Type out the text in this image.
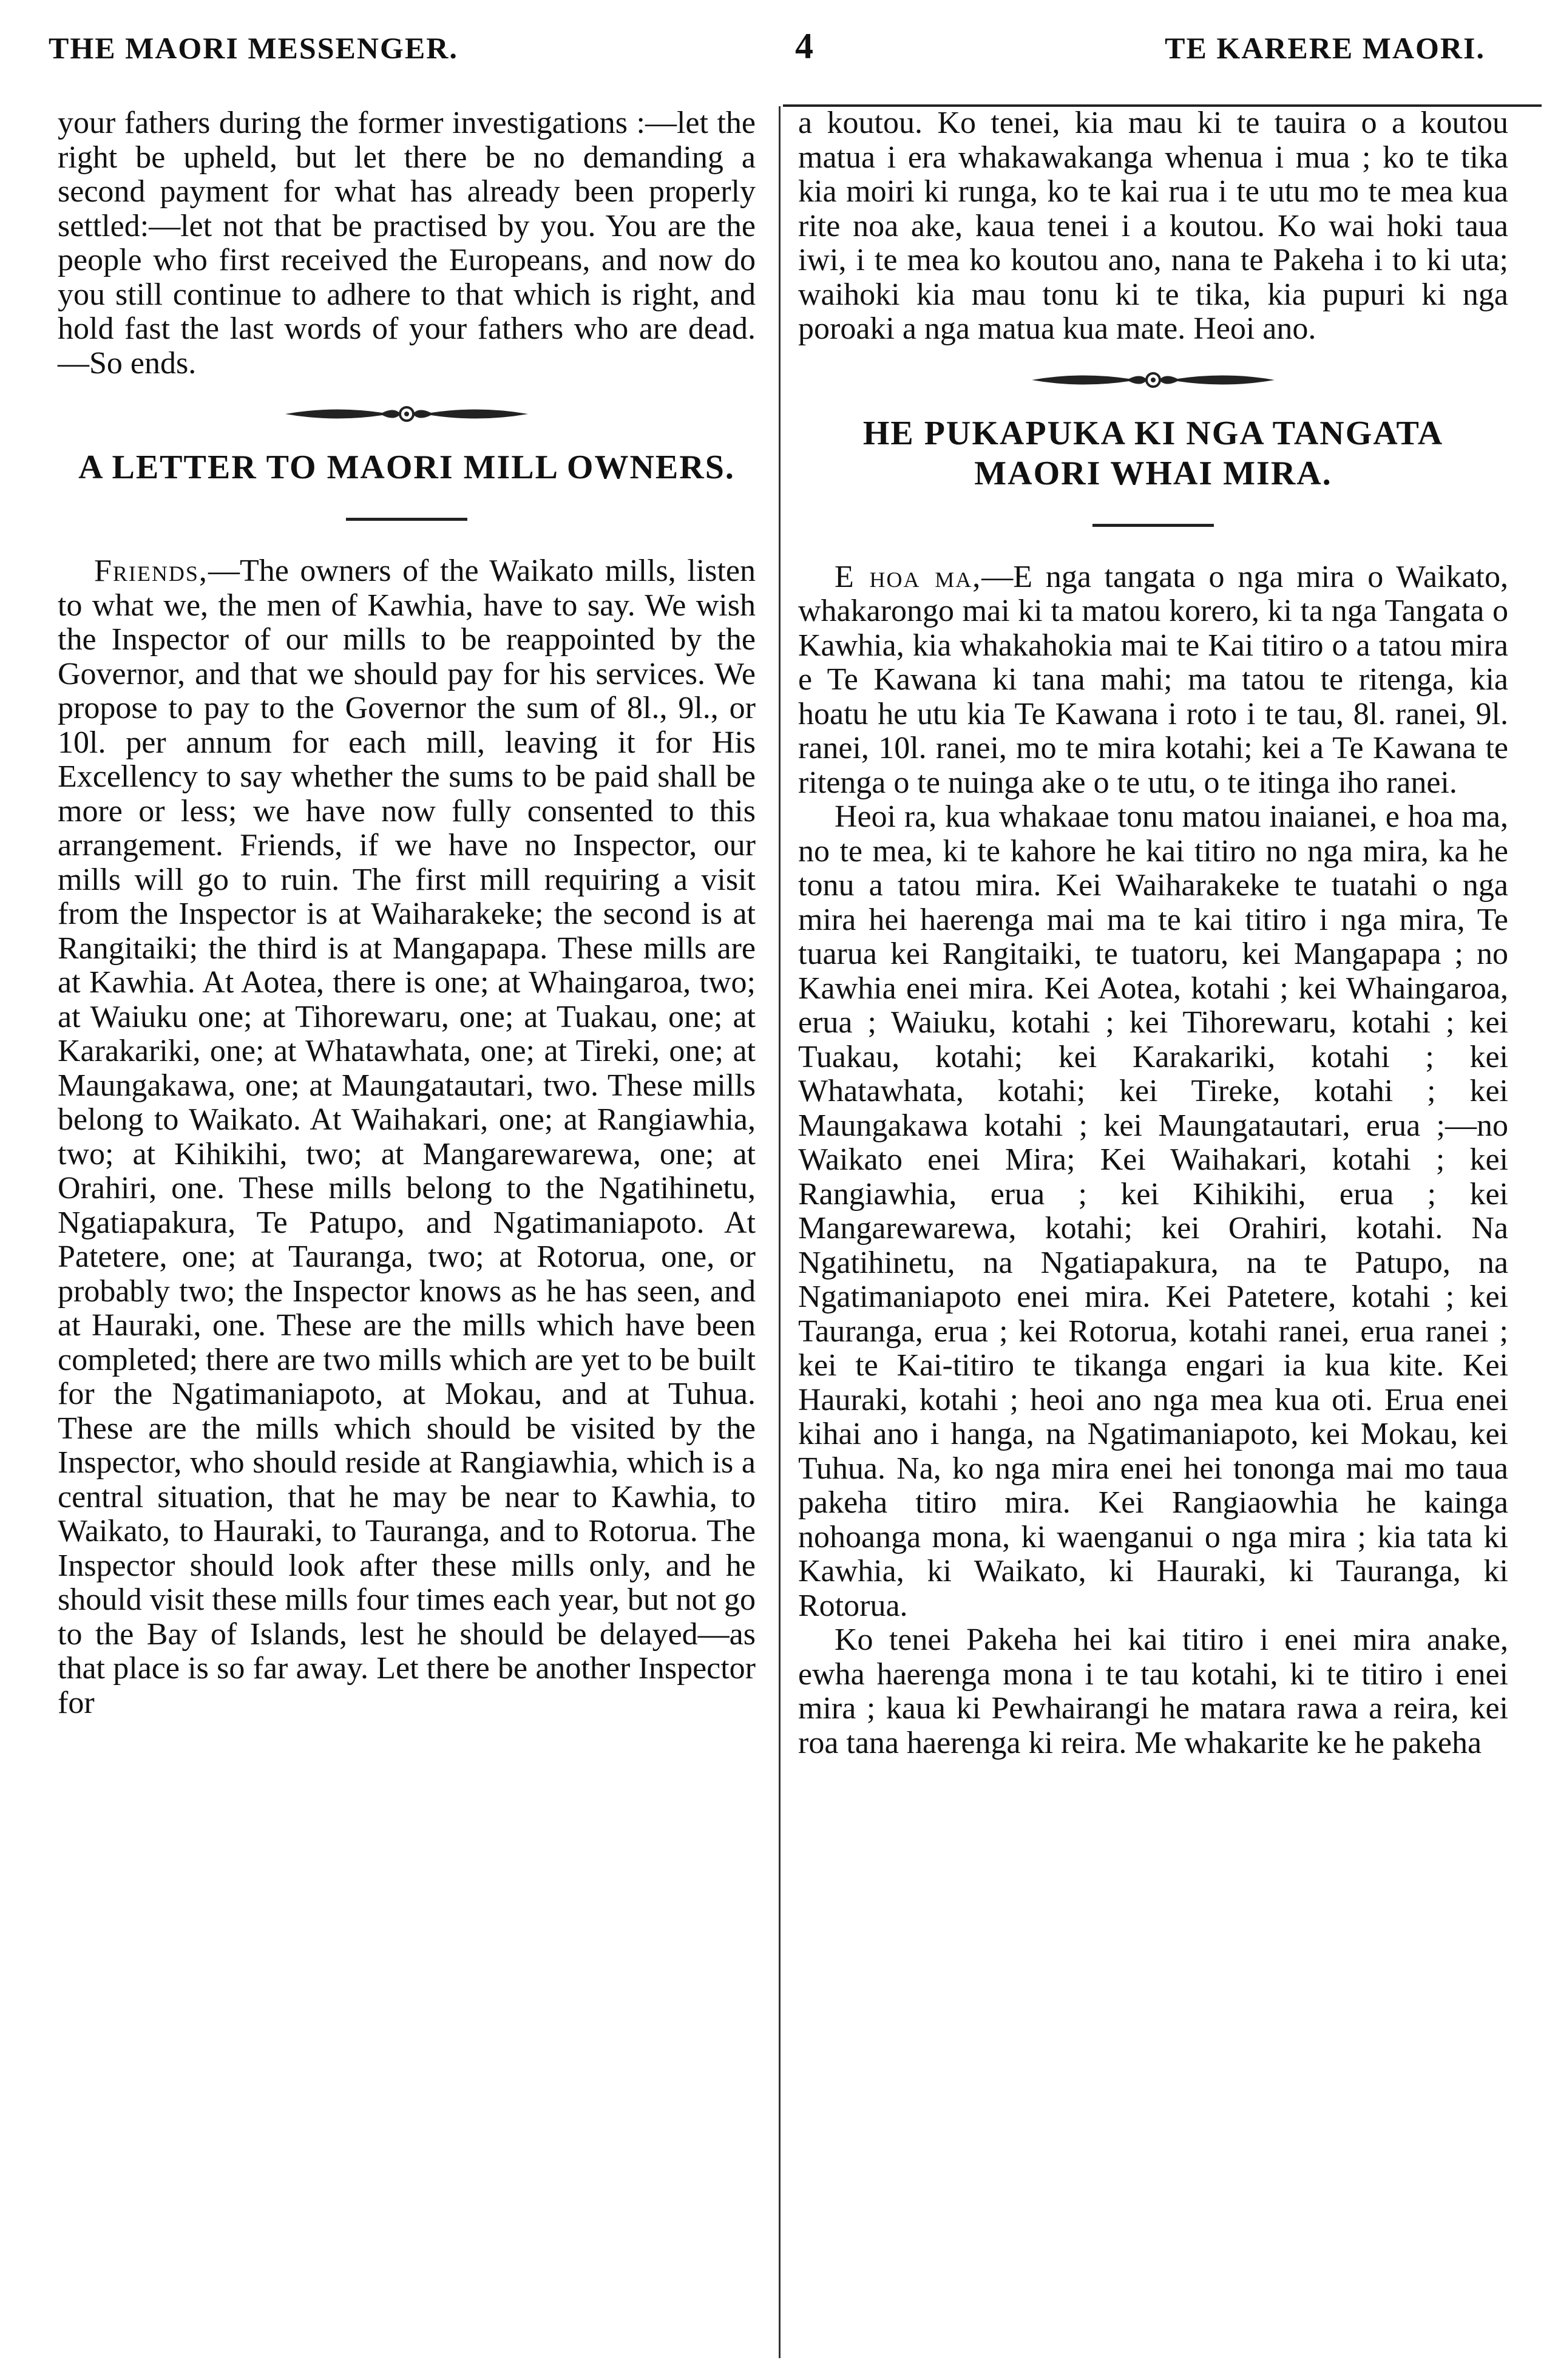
THE MAORI MESSENGER.	4	TE KARERE MAORI.

your fathers during the former investigations :—let the right be upheld, but let there be no demanding a second payment for what has already been properly settled:—let not that be practised by you. You are the people who first received the Europeans, and now do you still continue to adhere to that which is right, and hold fast the last words of your fathers who are dead.—So ends.

A LETTER TO MAORI MILL OWNERS.

Friends,—The owners of the Waikato mills, listen to what we, the men of Kawhia, have to say. We wish the Inspector of our mills to be reappointed by the Governor, and that we should pay for his services. We propose to pay to the Governor the sum of 8l., 9l., or 10l. per annum for each mill, leaving it for His Excellency to say whether the sums to be paid shall be more or less; we have now fully consented to this arrangement. Friends, if we have no Inspector, our mills will go to ruin. The first mill requiring a visit from the Inspector is at Waiharakeke; the second is at Rangitaiki; the third is at Mangapapa. These mills are at Kawhia. At Aotea, there is one; at Whaingaroa, two; at Waiuku one; at Tihorewaru, one; at Tuakau, one; at Karakariki, one; at Whatawhata, one; at Tireki, one; at Maungakawa, one; at Maungatautari, two. These mills belong to Waikato. At Waihakari, one; at Rangiawhia, two; at Kihikihi, two; at Mangarewarewa, one; at Orahiri, one. These mills belong to the Ngatihinetu, Ngatiapakura, Te Patupo, and Ngatimaniapoto. At Patetere, one; at Tauranga, two; at Rotorua, one, or probably two; the Inspector knows as he has seen, and at Hauraki, one. These are the mills which have been completed; there are two mills which are yet to be built for the Ngatimaniapoto, at Mokau, and at Tuhua. These are the mills which should be visited by the Inspector, who should reside at Rangiawhia, which is a central situation, that he may be near to Kawhia, to Waikato, to Hauraki, to Tauranga, and to Rotorua. The Inspector should look after these mills only, and he should visit these mills four times each year, but not go to the Bay of Islands, lest he should be delayed—as that place is so far away. Let there be another Inspector for

a koutou. Ko tenei, kia mau ki te tauira o a koutou matua i era whakawakanga whenua i mua ; ko te tika kia moiri ki runga, ko te kai rua i te utu mo te mea kua rite noa ake, kaua tenei i a koutou. Ko wai hoki taua iwi, i te mea ko koutou ano, nana te Pakeha i to ki uta; waihoki kia mau tonu ki te tika, kia pupuri ki nga poroaki a nga matua kua mate. Heoi ano.

HE PUKAPUKA KI NGA TANGATA MAORI WHAI MIRA.

E hoa ma,—E nga tangata o nga mira o Waikato, whakarongo mai ki ta matou korero, ki ta nga Tangata o Kawhia, kia whakahokia mai te Kai titiro o a tatou mira e Te Kawana ki tana mahi; ma tatou te ritenga, kia hoatu he utu kia Te Kawana i roto i te tau, 8l. ranei, 9l. ranei, 10l. ranei, mo te mira kotahi; kei a Te Kawana te ritenga o te nuinga ake o te utu, o te itinga iho ranei.

Heoi ra, kua whakaae tonu matou inaianei, e hoa ma, no te mea, ki te kahore he kai titiro no nga mira, ka he tonu a tatou mira. Kei Waiharakeke te tuatahi o nga mira hei haerenga mai ma te kai titiro i nga mira, Te tuarua kei Rangitaiki, te tuatoru, kei Mangapapa ; no Kawhia enei mira. Kei Aotea, kotahi ; kei Whaingaroa, erua ; Waiuku, kotahi ; kei Tihorewaru, kotahi ; kei Tuakau, kotahi; kei Karakariki, kotahi ; kei Whatawhata, kotahi; kei Tireke, kotahi ; kei Maungakawa kotahi ; kei Maungatautari, erua ;—no Waikato enei Mira; Kei Waihakari, kotahi ; kei Rangiawhia, erua ; kei Kihikihi, erua ; kei Mangarewarewa, kotahi; kei Orahiri, kotahi. Na Ngatihinetu, na Ngatiapakura, na te Patupo, na Ngatimaniapoto enei mira. Kei Patetere, kotahi ; kei Tauranga, erua ; kei Rotorua, kotahi ranei, erua ranei ; kei te Kai-titiro te tikanga engari ia kua kite. Kei Hauraki, kotahi ; heoi ano nga mea kua oti. Erua enei kihai ano i hanga, na Ngatimaniapoto, kei Mokau, kei Tuhua. Na, ko nga mira enei hei tononga mai mo taua pakeha titiro mira. Kei Rangiaowhia he kainga nohoanga mona, ki waenganui o nga mira ; kia tata ki Kawhia, ki Waikato, ki Hauraki, ki Tauranga, ki Rotorua.

Ko tenei Pakeha hei kai titiro i enei mira anake, ewha haerenga mona i te tau kotahi, ki te titiro i enei mira ; kaua ki Pewhairangi he matara rawa a reira, kei roa tana haerenga ki reira. Me whakarite ke he pakeha
